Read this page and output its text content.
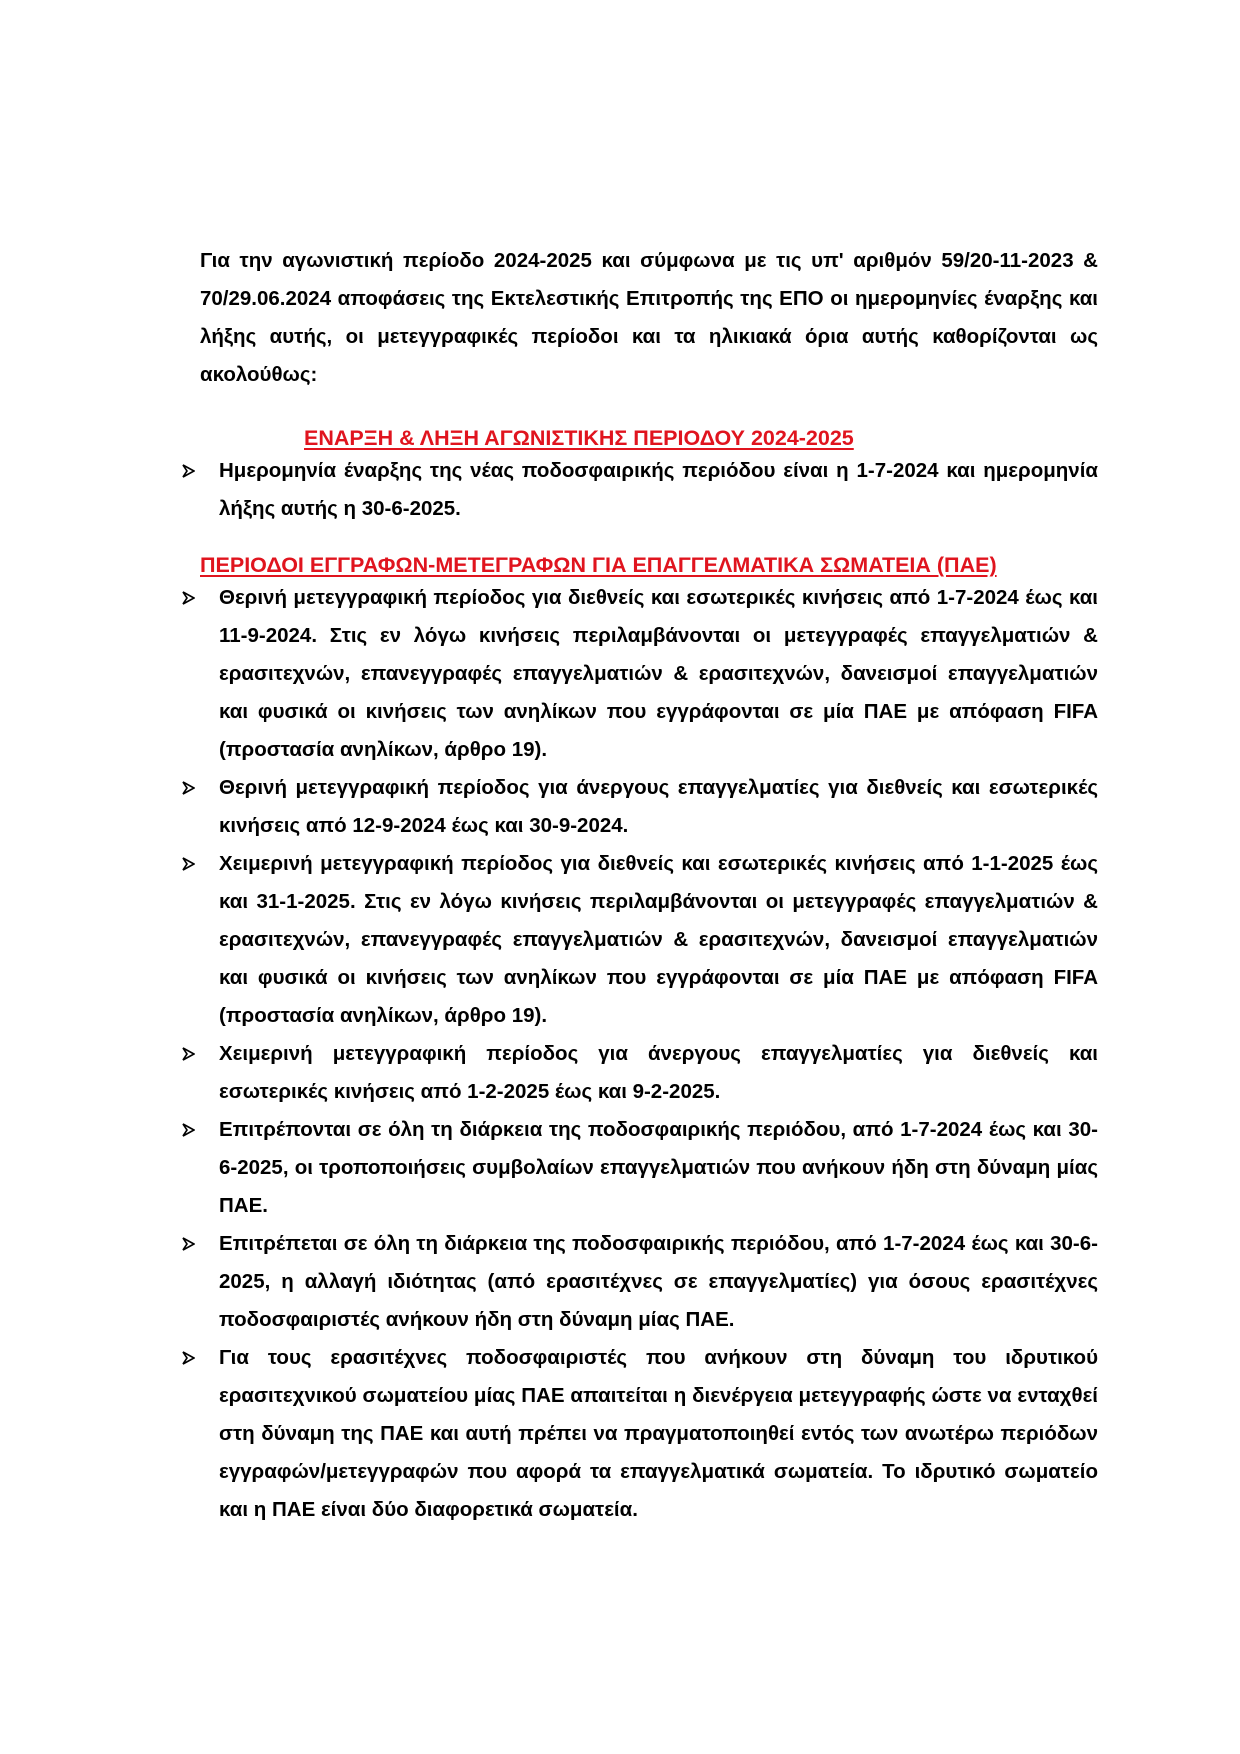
Για την αγωνιστική περίοδο 2024-2025 και σύμφωνα με τις υπ' αριθμόν 59/20-11-2023 & 70/29.06.2024 αποφάσεις της Εκτελεστικής Επιτροπής της ΕΠΟ οι ημερομηνίες έναρξης και λήξης αυτής, οι μετεγγραφικές περίοδοι και τα ηλικιακά όρια αυτής καθορίζονται ως ακολούθως:

ΕΝΑΡΞΗ & ΛΗΞΗ ΑΓΩΝΙΣΤΙΚΗΣ ΠΕΡΙΟΔΟΥ 2024-2025
Ημερομηνία έναρξης της νέας ποδοσφαιρικής περιόδου είναι η 1-7-2024 και ημερομηνία λήξης αυτής η 30-6-2025.
ΠΕΡΙΟΔΟΙ ΕΓΓΡΑΦΩΝ-ΜΕΤΕΓΡΑΦΩΝ ΓΙΑ ΕΠΑΓΓΕΛΜΑΤΙΚΑ ΣΩΜΑΤΕΙΑ (ΠΑΕ)
Θερινή μετεγγραφική περίοδος για διεθνείς και εσωτερικές κινήσεις από 1-7-2024 έως και 11-9-2024. Στις εν λόγω κινήσεις περιλαμβάνονται οι μετεγγραφές επαγγελματιών & ερασιτεχνών, επανεγγραφές επαγγελματιών & ερασιτεχνών, δανεισμοί επαγγελματιών και φυσικά οι κινήσεις των ανηλίκων που εγγράφονται σε μία ΠΑΕ με απόφαση FIFA (προστασία ανηλίκων, άρθρο 19).
Θερινή μετεγγραφική περίοδος για άνεργους επαγγελματίες για διεθνείς και εσωτερικές κινήσεις από 12-9-2024 έως και 30-9-2024.
Χειμερινή μετεγγραφική περίοδος για διεθνείς και εσωτερικές κινήσεις από 1-1-2025 έως και 31-1-2025. Στις εν λόγω κινήσεις περιλαμβάνονται οι μετεγγραφές επαγγελματιών & ερασιτεχνών, επανεγγραφές επαγγελματιών & ερασιτεχνών, δανεισμοί επαγγελματιών και φυσικά οι κινήσεις των ανηλίκων που εγγράφονται σε μία ΠΑΕ με απόφαση FIFA (προστασία ανηλίκων, άρθρο 19).
Χειμερινή μετεγγραφική περίοδος για άνεργους επαγγελματίες για διεθνείς και εσωτερικές κινήσεις από 1-2-2025 έως και 9-2-2025.
Επιτρέπονται σε όλη τη διάρκεια της ποδοσφαιρικής περιόδου, από 1-7-2024 έως και 30-6-2025, οι τροποποιήσεις συμβολαίων επαγγελματιών που ανήκουν ήδη στη δύναμη μίας ΠΑΕ.
Επιτρέπεται σε όλη τη διάρκεια της ποδοσφαιρικής περιόδου, από 1-7-2024 έως και 30-6-2025, η αλλαγή ιδιότητας (από ερασιτέχνες σε επαγγελματίες) για όσους ερασιτέχνες ποδοσφαιριστές ανήκουν ήδη στη δύναμη μίας ΠΑΕ.
Για τους ερασιτέχνες ποδοσφαιριστές που ανήκουν στη δύναμη του ιδρυτικού ερασιτεχνικού σωματείου μίας ΠΑΕ απαιτείται η διενέργεια μετεγγραφής ώστε να ενταχθεί στη δύναμη της ΠΑΕ και αυτή πρέπει να πραγματοποιηθεί εντός των ανωτέρω περιόδων εγγραφών/μετεγγραφών που αφορά τα επαγγελματικά σωματεία. Το ιδρυτικό σωματείο και η ΠΑΕ είναι δύο διαφορετικά σωματεία.
